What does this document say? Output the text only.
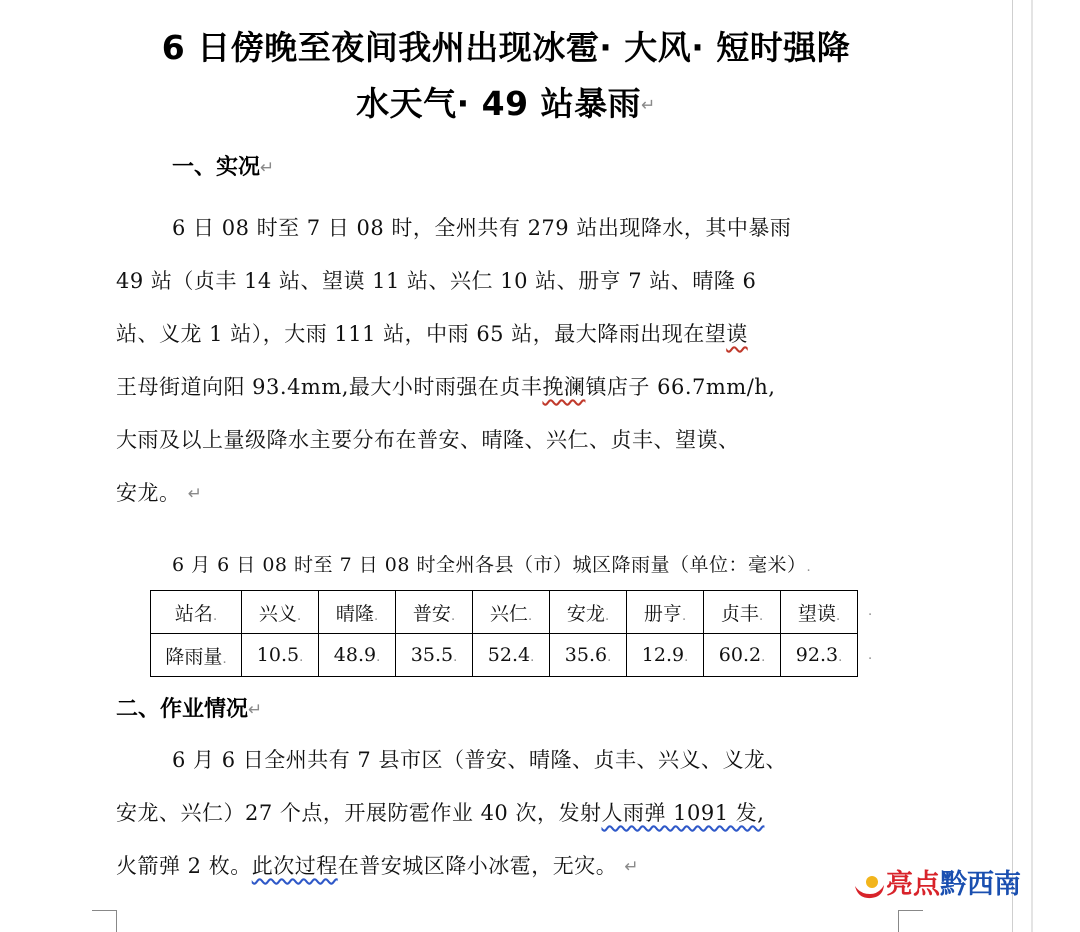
6 日傍晚至夜间我州出现冰雹· 大风· 短时强降
水天气· 49 站暴雨↵
一、实况↵

6 日 08 时至 7 日 08 时，全州共有 279 站出现降水，其中暴雨

49 站（贞丰 14 站、望谟 11 站、兴仁 10 站、册亨 7 站、晴隆 6

站、义龙 1 站），大雨 111 站，中雨 65 站，最大降雨出现在望谟

王母街道向阳 93.4mm,最大小时雨强在贞丰挽澜镇店子 66.7mm/h,

大雨及以上量级降水主要分布在普安、晴隆、兴仁、贞丰、望谟、

安龙。 ↵

6 月 6 日 08 时至 7 日 08 时全州各县（市）城区降雨量（单位：毫米）.
站名.	兴义.	晴隆.	普安.	兴仁.	安龙.	册亨.	贞丰.	望谟.
降雨量.	10.5.	48.9.	35.5.	52.4.	35.6.	12.9.	60.2.	92.3.
.
.
二、作业情况↵

6 月 6 日全州共有 7 县市区（普安、晴隆、贞丰、兴义、义龙、

安龙、兴仁）27 个点，开展防雹作业 40 次，发射人雨弹 1091 发,

火箭弹 2 枚。此次过程在普安城区降小冰雹，无灾。 ↵

亮点黔西南
